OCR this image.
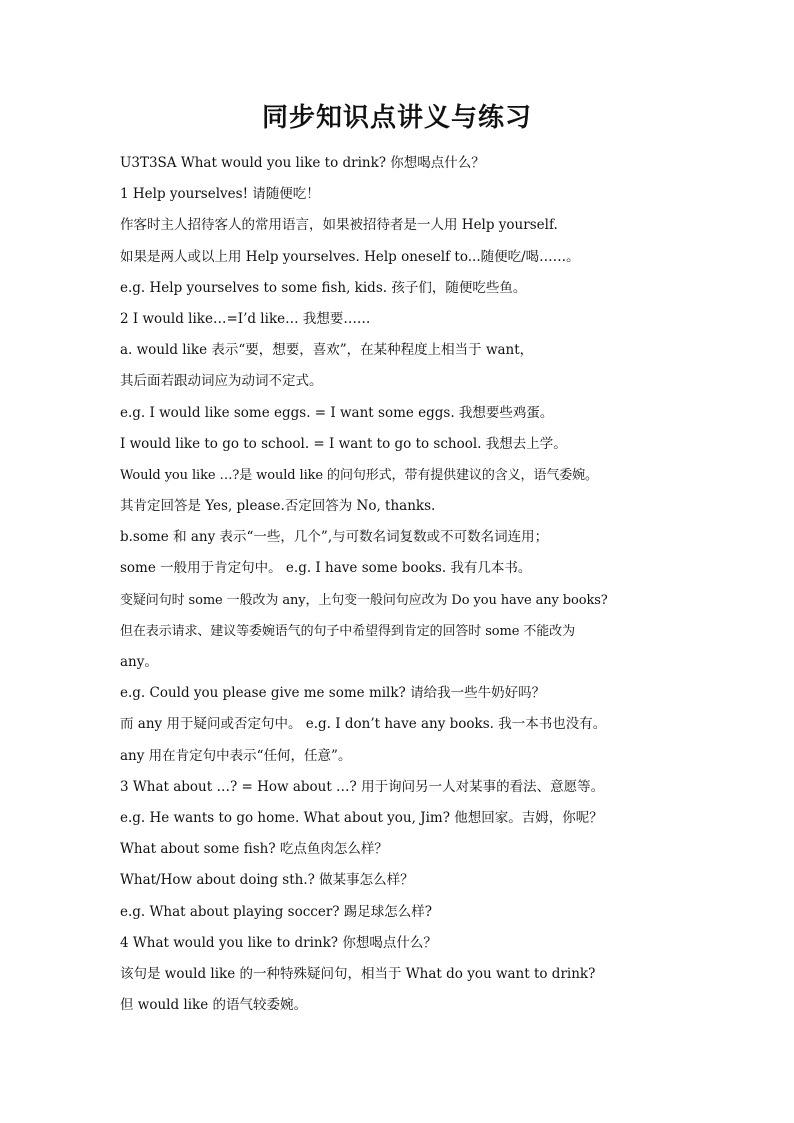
同步知识点讲义与练习
U3T3SA What would you like to drink? 你想喝点什么？
1 Help yourselves! 请随便吃！
作客时主人招待客人的常用语言，如果被招待者是一人用 Help yourself.
如果是两人或以上用 Help yourselves. Help oneself to...随便吃/喝……。
e.g. Help yourselves to some fish, kids. 孩子们，随便吃些鱼。
2 I would like…=I’d like… 我想要……
a. would like 表示“要，想要，喜欢”，在某种程度上相当于 want，
其后面若跟动词应为动词不定式。
e.g. I would like some eggs. = I want some eggs. 我想要些鸡蛋。
I would like to go to school. = I want to go to school. 我想去上学。
Would you like …?是 would like 的问句形式，带有提供建议的含义，语气委婉。
其肯定回答是 Yes, please.否定回答为 No, thanks.
b.some 和 any 表示“一些，几个”,与可数名词复数或不可数名词连用；
some 一般用于肯定句中。 e.g. I have some books. 我有几本书。
变疑问句时 some 一般改为 any，上句变一般问句应改为 Do you have any books?
但在表示请求、建议等委婉语气的句子中希望得到肯定的回答时 some 不能改为
any。
e.g. Could you please give me some milk? 请给我一些牛奶好吗？
而 any 用于疑问或否定句中。 e.g. I don’t have any books. 我一本书也没有。
any 用在肯定句中表示“任何，任意”。
3 What about …? = How about …? 用于询问另一人对某事的看法、意愿等。
e.g. He wants to go home. What about you, Jim? 他想回家。吉姆，你呢？
What about some fish? 吃点鱼肉怎么样？
What/How about doing sth.? 做某事怎么样？
e.g. What about playing soccer? 踢足球怎么样?
4 What would you like to drink? 你想喝点什么？
该句是 would like 的一种特殊疑问句，相当于 What do you want to drink?
但 would like 的语气较委婉。
